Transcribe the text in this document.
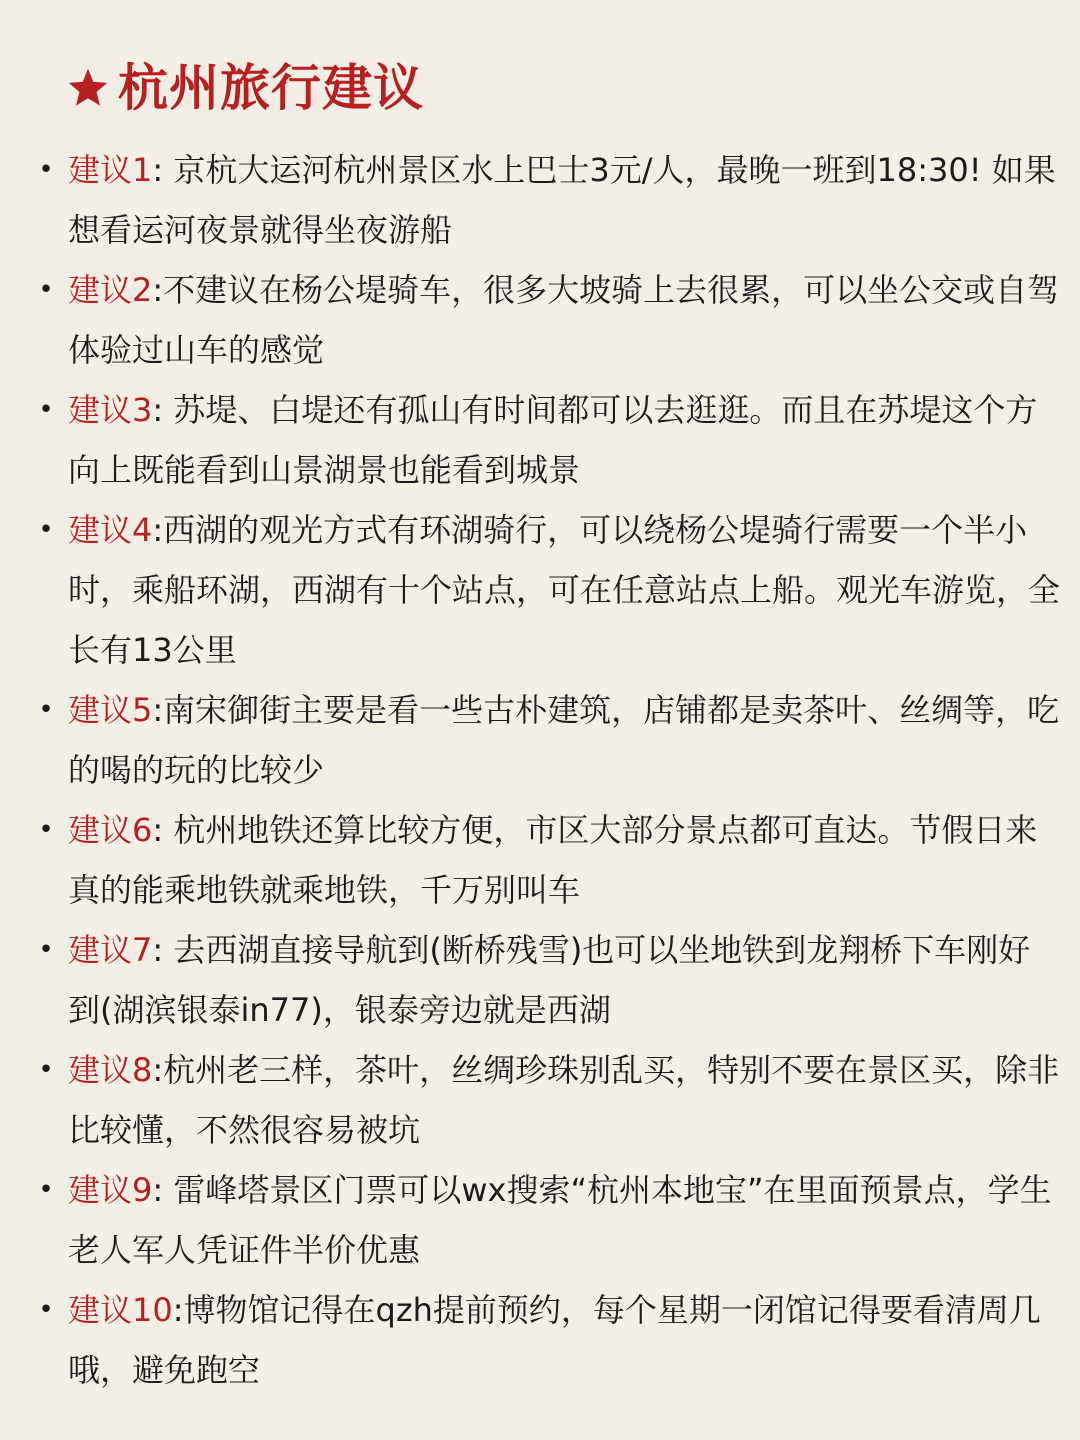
杭州旅行建议
• 建议1: 京杭大运河杭州景区水上巴士3元/人，最晚一班到18:30! 如果想看运河夜景就得坐夜游船
• 建议2:不建议在杨公堤骑车，很多大坡骑上去很累，可以坐公交或自驾体验过山车的感觉
• 建议3: 苏堤、白堤还有孤山有时间都可以去逛逛。而且在苏堤这个方向上既能看到山景湖景也能看到城景
• 建议4:西湖的观光方式有环湖骑行，可以绕杨公堤骑行需要一个半小时，乘船环湖，西湖有十个站点，可在任意站点上船。观光车游览，全长有13公里
• 建议5:南宋御街主要是看一些古朴建筑，店铺都是卖茶叶、丝绸等，吃的喝的玩的比较少
• 建议6: 杭州地铁还算比较方便，市区大部分景点都可直达。节假日来真的能乘地铁就乘地铁，千万别叫车
• 建议7: 去西湖直接导航到(断桥残雪)也可以坐地铁到龙翔桥下车刚好到(湖滨银泰in77)，银泰旁边就是西湖
• 建议8:杭州老三样，茶叶，丝绸珍珠别乱买，特别不要在景区买，除非比较懂，不然很容易被坑
• 建议9: 雷峰塔景区门票可以wx搜索“杭州本地宝”在里面预景点，学生老人军人凭证件半价优惠
• 建议10:博物馆记得在qzh提前预约，每个星期一闭馆记得要看清周几哦，避免跑空
